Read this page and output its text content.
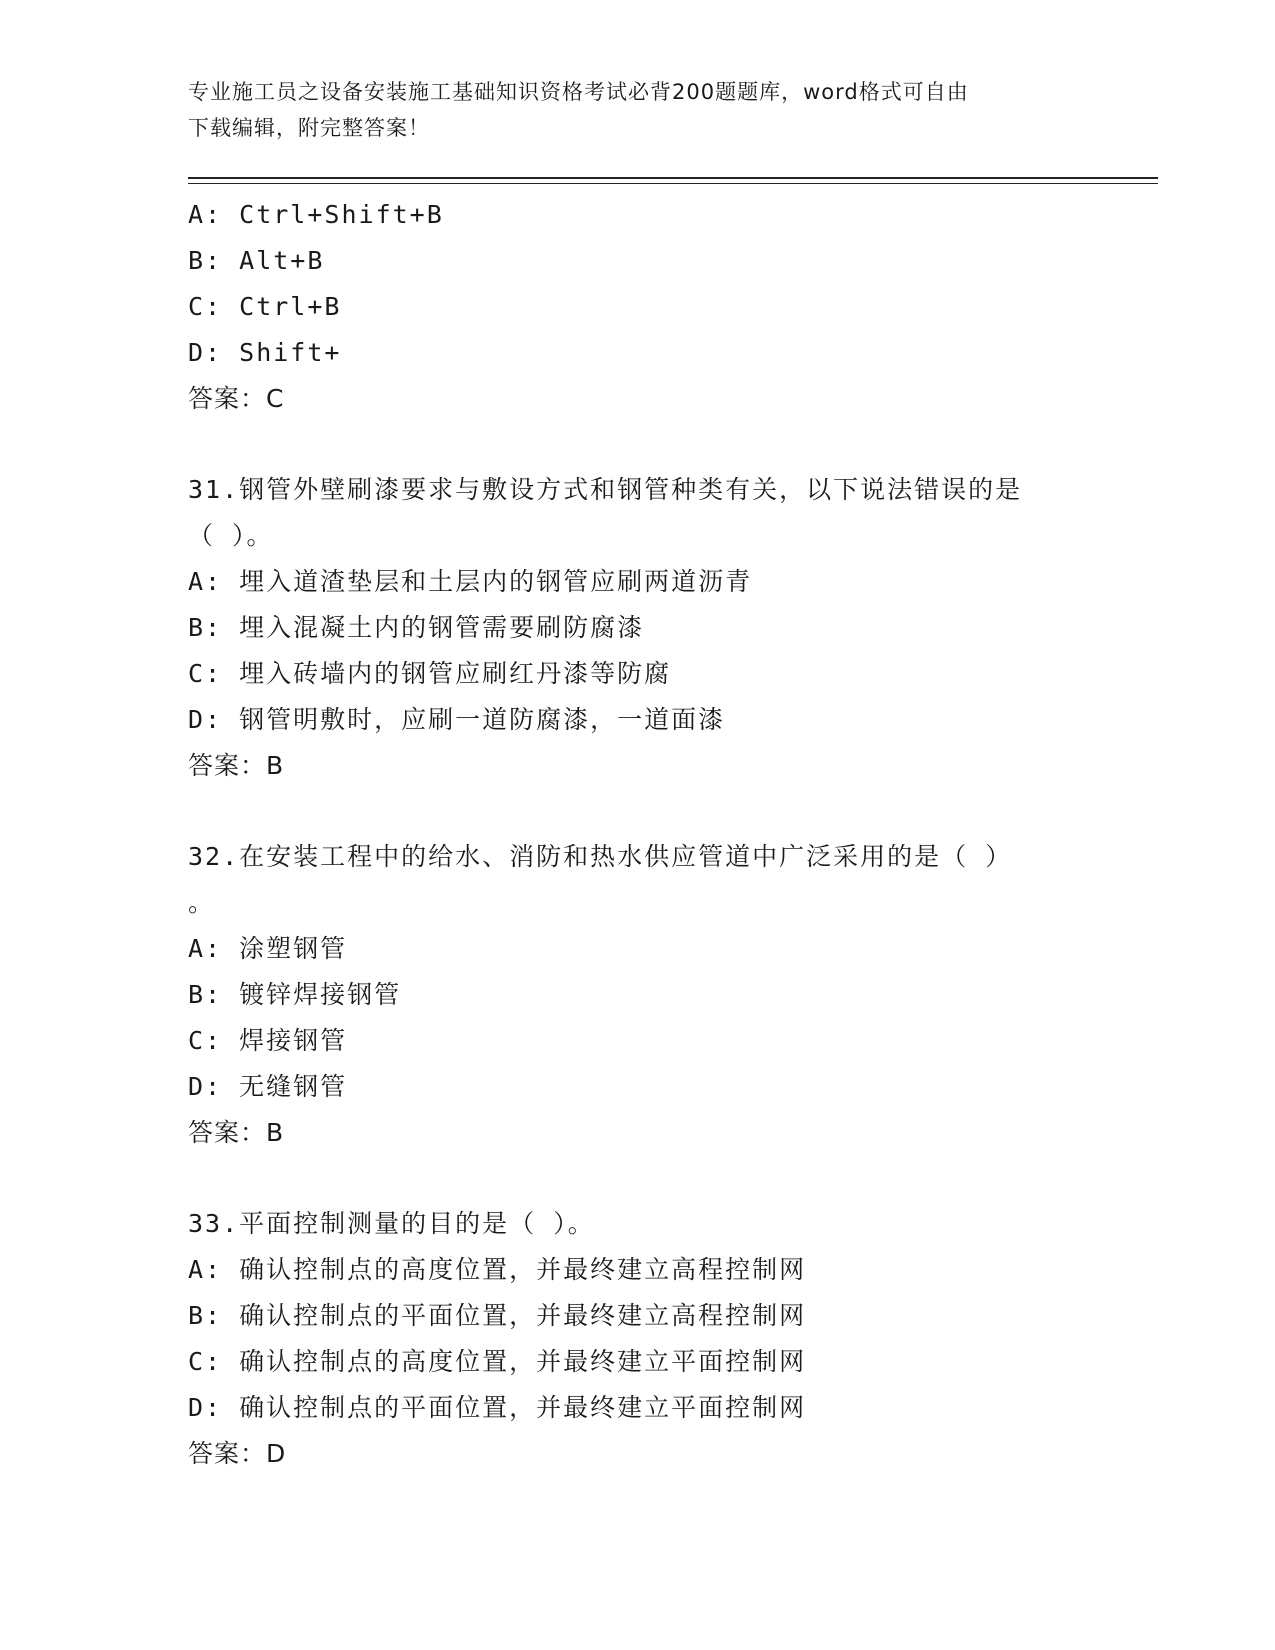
专业施工员之设备安装施工基础知识资格考试必背200题题库，word格式可自由
下载编辑，附完整答案！
A: Ctrl+Shift+B
B: Alt+B
C: Ctrl+B
D: Shift+
答案：C
31.钢管外壁刷漆要求与敷设方式和钢管种类有关，以下说法错误的是
（ ）。
A: 埋入道渣垫层和土层内的钢管应刷两道沥青
B: 埋入混凝土内的钢管需要刷防腐漆
C: 埋入砖墙内的钢管应刷红丹漆等防腐
D: 钢管明敷时，应刷一道防腐漆，一道面漆
答案：B
32.在安装工程中的给水、消防和热水供应管道中广泛采用的是（ ）
。
A: 涂塑钢管
B: 镀锌焊接钢管
C: 焊接钢管
D: 无缝钢管
答案：B
33.平面控制测量的目的是（ ）。
A: 确认控制点的高度位置，并最终建立高程控制网
B: 确认控制点的平面位置，并最终建立高程控制网
C: 确认控制点的高度位置，并最终建立平面控制网
D: 确认控制点的平面位置，并最终建立平面控制网
答案：D
